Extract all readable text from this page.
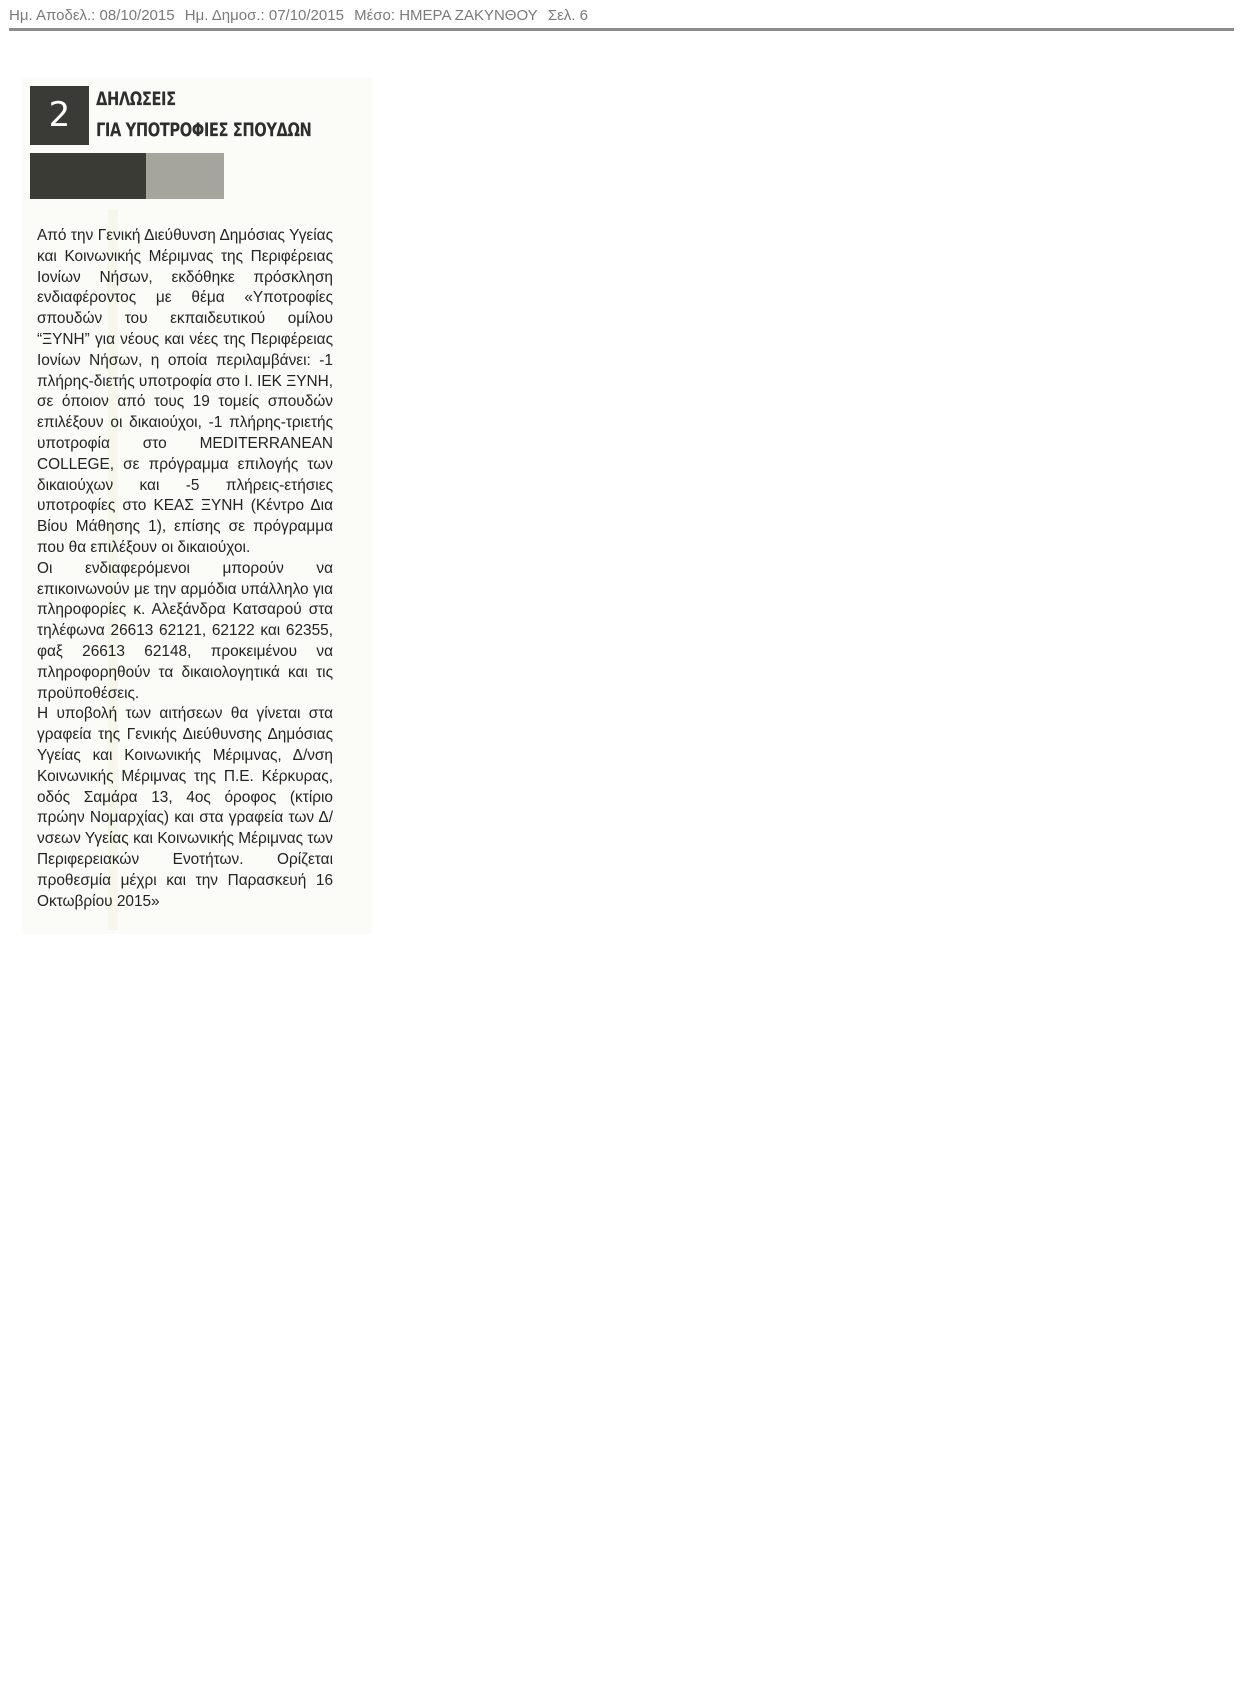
Ημ. Αποδελ.: 08/10/2015 Ημ. Δημοσ.: 07/10/2015 Μέσο: ΗΜΕΡΑ ΖΑΚΥΝΘΟΥ Σελ. 6
2	ΔΗΛΩΣΕΙΣ
ΓΙΑ ΥΠΟΤΡΟΦΙΕΣ ΣΠΟΥΔΩΝ

Από την Γενική Διεύθυνση Δημόσιας Υγείας και Κοινωνικής Μέριμνας της Περιφέρειας Ιονίων Νήσων, εκδόθηκε πρόσκληση ενδιαφέροντος με θέμα «Υποτροφίες σπουδών του εκπαιδευτικού ομίλου “ΞΥΝΗ” για νέους και νέες της Περιφέρειας Ιονίων Νήσων, η οποία περιλαμβάνει: -1 πλήρης-διετής υποτροφία στο Ι. ΙΕΚ ΞΥΝΗ, σε όποιον από τους 19 τομείς σπουδών επιλέξουν οι δικαιούχοι, -1 πλήρης-τριετής υποτροφία στο MEDITERRANEAN COLLEGE, σε πρόγραμμα επιλογής των δικαιούχων και -5 πλήρεις-ετήσιες υποτροφίες στο ΚΕΑΣ ΞΥΝΗ (Κέντρο Δια Βίου Μάθησης 1), επίσης σε πρόγραμμα που θα επιλέξουν οι δικαιούχοι.

Οι ενδιαφερόμενοι μπορούν να επικοινωνούν με την αρμόδια υπάλληλο για πληροφορίες κ. Αλεξάνδρα Κατσαρού στα τηλέφωνα 26613 62121, 62122 και 62355, φαξ 26613 62148, προκειμένου να πληροφορηθούν τα δικαιολογητικά και τις προϋποθέσεις.

Η υποβολή των αιτήσεων θα γίνεται στα γραφεία της Γενικής Διεύθυνσης Δημόσιας Υγείας και Κοινωνικής Μέριμνας, Δ/νση Κοινωνικής Μέριμνας της Π.Ε. Κέρκυρας, οδός Σαμάρα 13, 4ος όροφος (κτίριο πρώην Νομαρχίας) και στα γραφεία των Δ/νσεων Υγείας και Κοινωνικής Μέριμνας των Περιφερειακών Ενοτήτων. Ορίζεται προθεσμία μέχρι και την Παρασκευή 16 Οκτωβρίου 2015»
